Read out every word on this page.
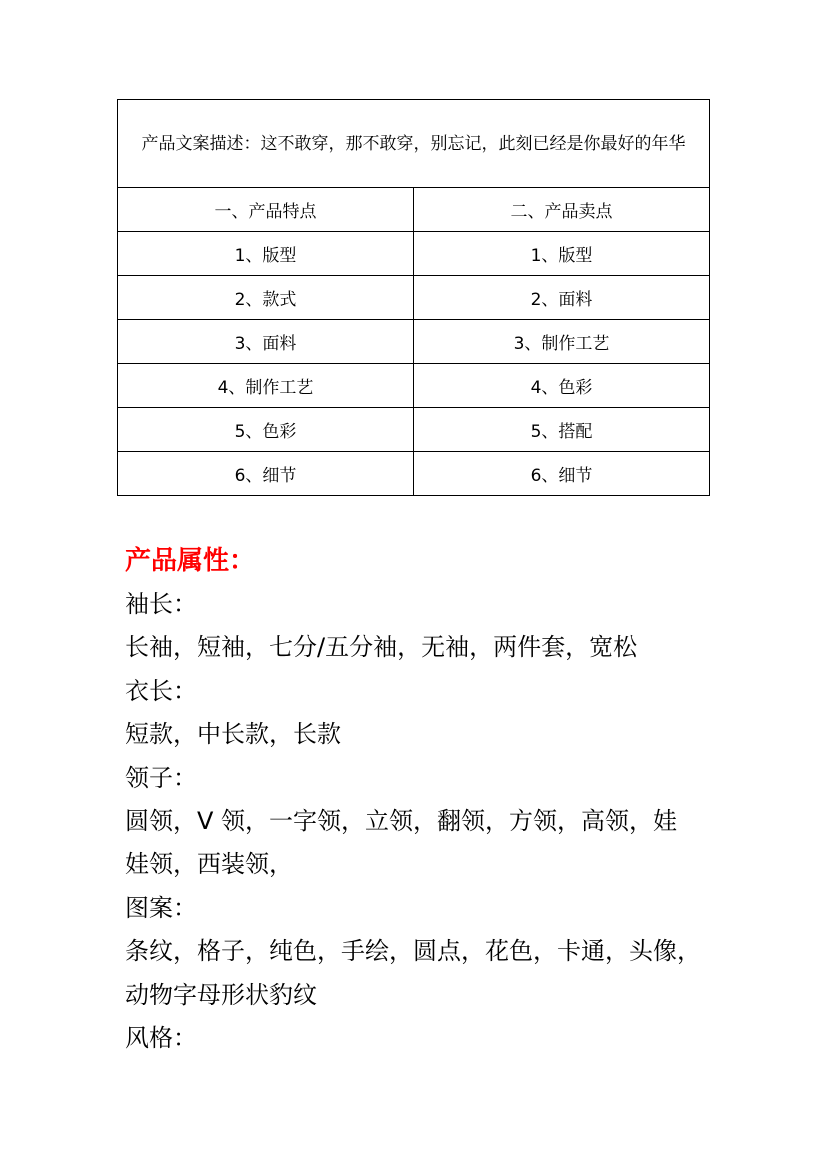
产品文案描述：这不敢穿，那不敢穿，别忘记，此刻已经是你最好的年华	
一、产品特点	二、产品卖点
1、版型	1、版型
2、款式	2、面料
3、面料	3、制作工艺
4、制作工艺	4、色彩
5、色彩	5、搭配
6、细节	6、细节

产品属性：

袖长：

长袖，短袖，七分/五分袖，无袖，两件套，宽松

衣长：

短款，中长款，长款

领子：

圆领，V 领，一字领，立领，翻领，方领，高领，娃

娃领，西装领，

图案：

条纹，格子，纯色，手绘，圆点，花色，卡通，头像，

动物字母形状豹纹

风格：
